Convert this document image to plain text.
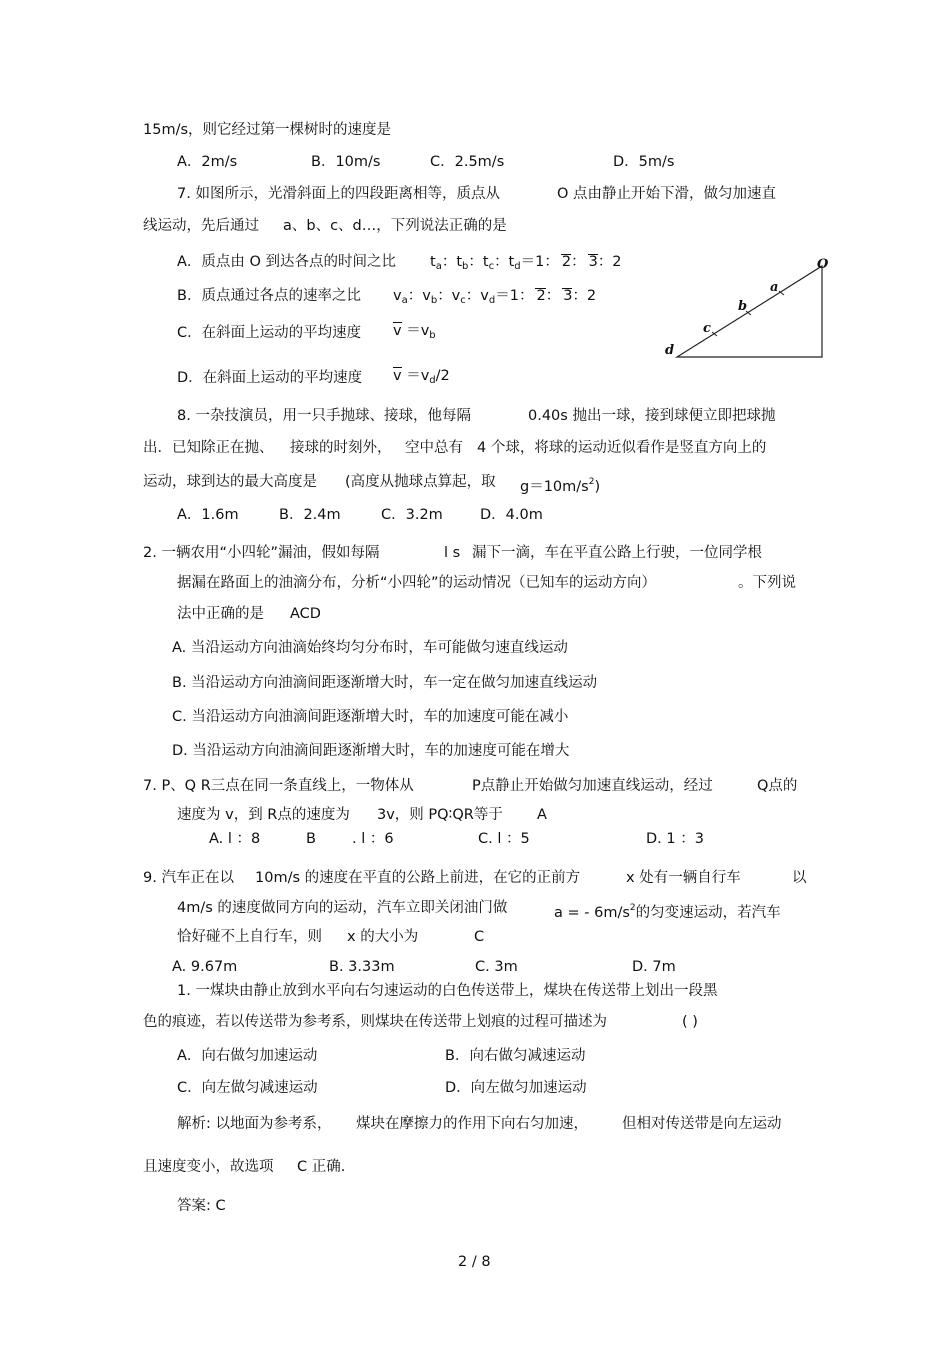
15m/s，则它经过第一棵树时的速度是
A．2m/s	B．10m/s	C．2.5m/s	D．5m/s
7. 如图所示，光滑斜面上的四段距离相等，质点从	O 点由静止开始下滑，做匀加速直
线运动，先后通过 a、b、c、d…，下列说法正确的是
A．质点由 O 到达各点的时间之比 $t_a$：$t_b$：$t_c$：$t_d=1$： 2： 3：2
B．质点通过各点的速率之比 $v_a$：$v_b$：$v_c$：$v_d=1$： 2： 3：2
C．在斜面上运动的平均速度 $v =v_b$
D．在斜面上运动的平均速度 $v =v_d/2$
O
a
b
c
d
8. 一杂技演员，用一只手抛球、接球，他每隔	0.40s 抛出一球，接到球便立即把球抛
出．已知除正在抛、 接球的时刻外， 空中总有 4 个球，将球的运动近似看作是竖直方向上的
运动，球到达的最大高度是 (高度从抛球点算起，取 $g=10m/s^2$)
A．1.6m	B．2.4m	C．3.2m	D．4.0m
2. 一辆农用“小四轮”漏油，假如每隔	l s 漏下一滴，车在平直公路上行驶，一位同学根
据漏在路面上的油滴分布，分析“小四轮”的运动情况（已知车的运动方向）	。下列说
法中正确的是 ACD
A. 当沿运动方向油滴始终均匀分布时，车可能做匀速直线运动
B. 当沿运动方向油滴间距逐渐增大时，车一定在做匀加速直线运动
C. 当沿运动方向油滴间距逐渐增大时，车的加速度可能在减小
D. 当沿运动方向油滴间距逐渐增大时，车的加速度可能在增大
7. P、Q R三点在同一条直线上，一物体从	P点静止开始做匀加速直线运动，经过	Q点的
速度为 v，到 R点的速度为 3v，则 PQ∶QR等于 A
A. l ：8	B . l ：6	C. l ：5	D. 1 ：3
9. 汽车正在以 10m/s 的速度在平直的公路上前进，在它的正前方	x 处有一辆自行车	以
4m/s 的速度做同方向的运动，汽车立即关闭油门做	a = - $6m/s^2$的匀变速运动，若汽车
恰好碰不上自行车，则 x 的大小为	C
A. 9.67m	B. 3.33m	C. 3m	D. 7m
1. 一煤块由静止放到水平向右匀速运动的白色传送带上，煤块在传送带上划出一段黑
色的痕迹，若以传送带为参考系，则煤块在传送带上划痕的过程可描述为	( )
A．向右做匀加速运动	B．向右做匀减速运动
C．向左做匀减速运动	D．向左做匀加速运动
解析: 以地面为参考系， 煤块在摩擦力的作用下向右匀加速， 但相对传送带是向左运动
且速度变小，故选项 C 正确.
答案: C
2 / 8
